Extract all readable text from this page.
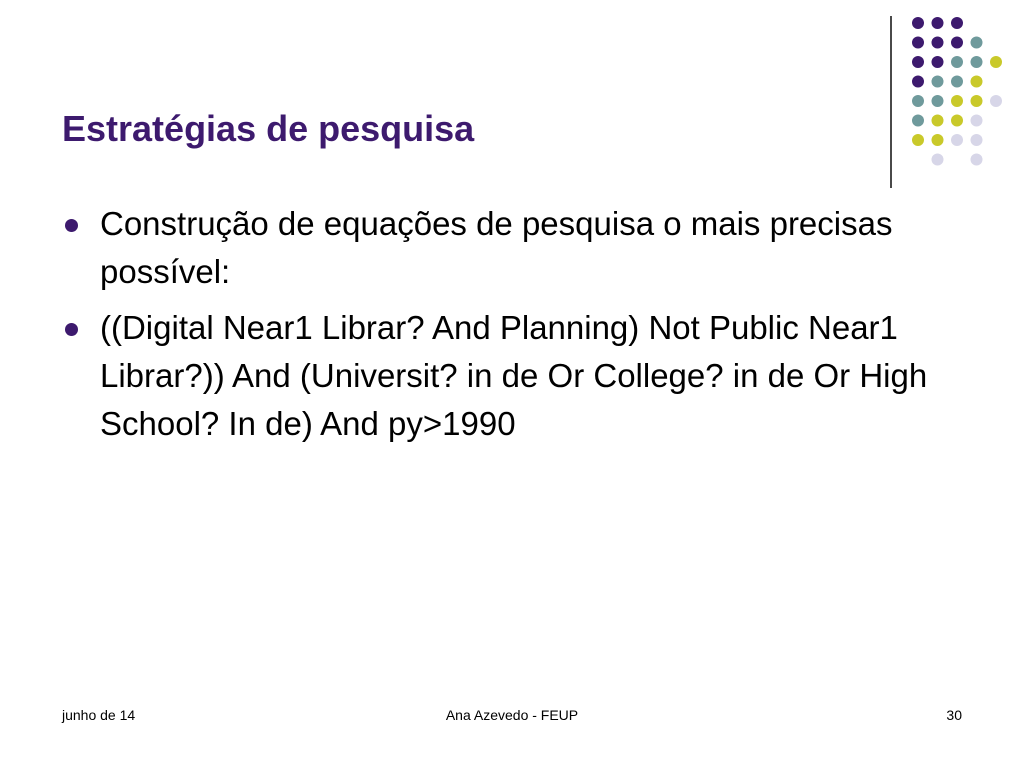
Estratégias de pesquisa
Construção de equações de pesquisa o mais precisas possível:
((Digital Near1 Librar? And Planning) Not Public Near1 Librar?)) And (Universit? in de Or College? in de Or High School? In de) And py>1990
junho de 14	Ana Azevedo - FEUP	30
